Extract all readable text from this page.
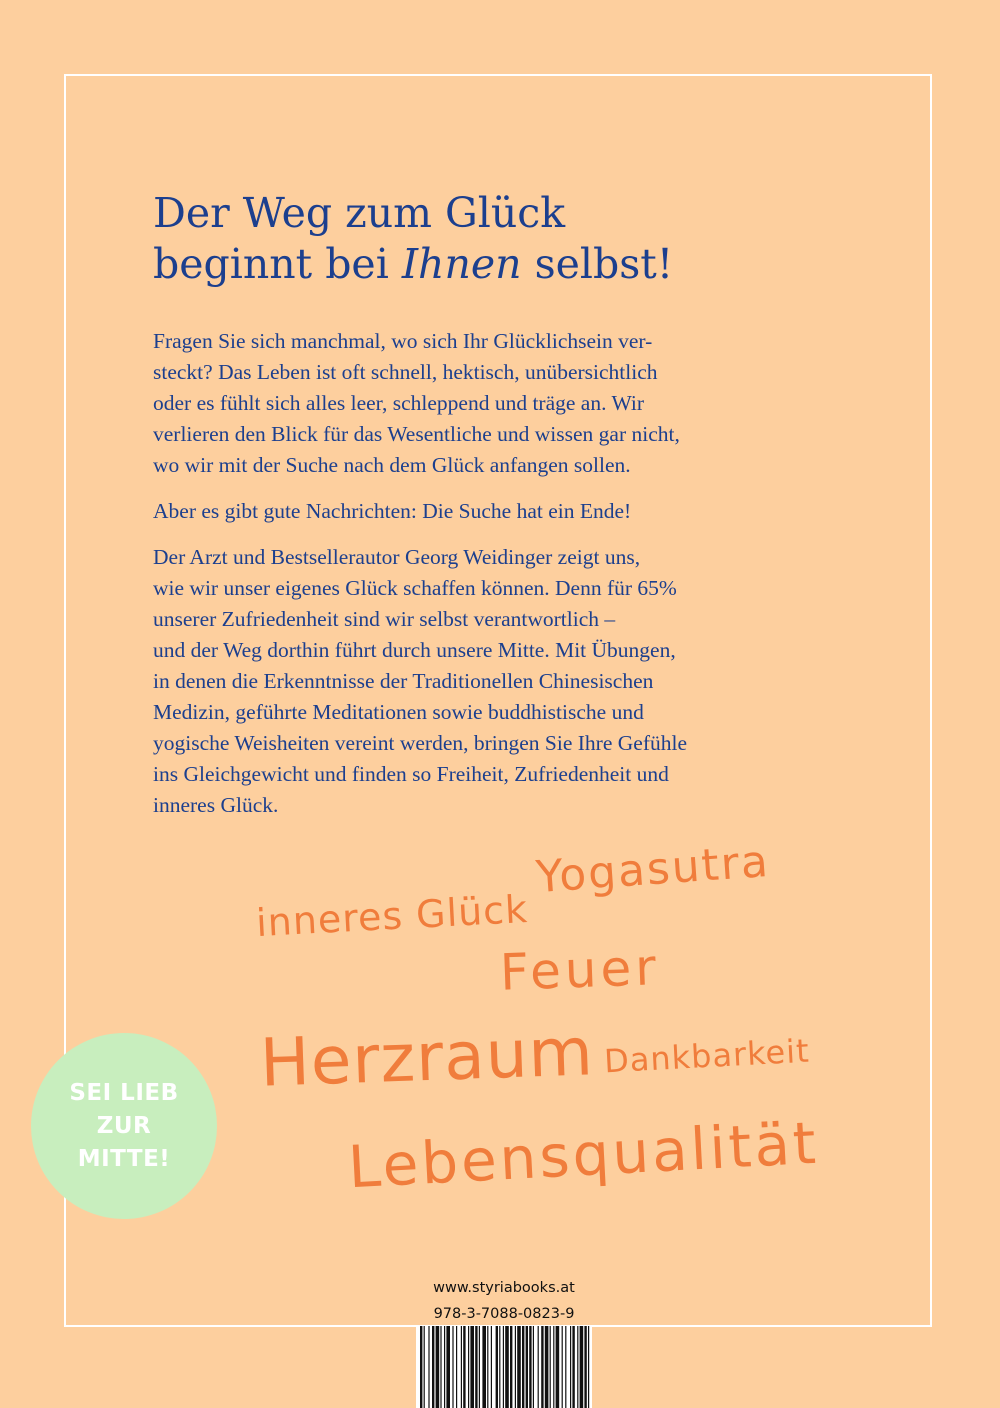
Der Weg zum Glück
beginnt bei Ihnen selbst!

Fragen Sie sich manchmal, wo sich Ihr Glücklichsein ver-
steckt? Das Leben ist oft schnell, hektisch, unübersichtlich
oder es fühlt sich alles leer, schleppend und träge an. Wir
verlieren den Blick für das Wesentliche und wissen gar nicht,
wo wir mit der Suche nach dem Glück anfangen sollen.

Aber es gibt gute Nachrichten: Die Suche hat ein Ende!

Der Arzt und Bestsellerautor Georg Weidinger zeigt uns,
wie wir unser eigenes Glück schaffen können. Denn für 65%
unserer Zufriedenheit sind wir selbst verantwortlich –
und der Weg dorthin führt durch unsere Mitte. Mit Übungen,
in denen die Erkenntnisse der Traditionellen Chinesischen
Medizin, geführte Meditationen sowie buddhistische und
yogische Weisheiten vereint werden, bringen Sie Ihre Gefühle
ins Gleichgewicht und finden so Freiheit, Zufriedenheit und
inneres Glück.

inneres Glück
Yogasutra
Feuer
Herzraum Dankbarkeit
Lebensqualität
SEI LIEB
ZUR
MITTE!
www.styriabooks.at
978-3-7088-0823-9
